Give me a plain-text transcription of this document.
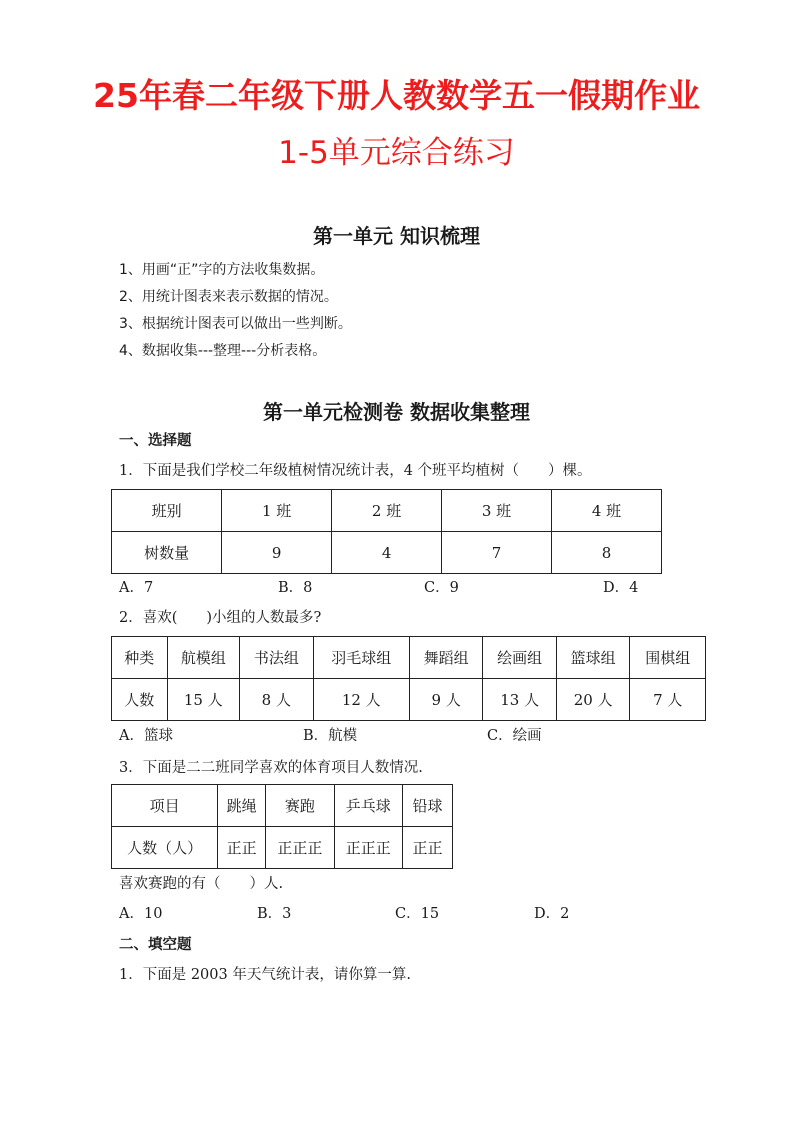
25年春二年级下册人教数学五一假期作业
1-5单元综合练习
第一单元 知识梳理
1、用画“正”字的方法收集数据。
2、用统计图表来表示数据的情况。
3、根据统计图表可以做出一些判断。
4、数据收集---整理---分析表格。
第一单元检测卷 数据收集整理
一、选择题
1．下面是我们学校二年级植树情况统计表，4 个班平均植树（　　）棵。
班别	1 班	2 班	3 班	4 班
树数量	9	4	7	8
A．7	B．8	C．9	D．4
2．喜欢(　　)小组的人数最多?
种类	航模组	书法组	羽毛球组	舞蹈组	绘画组	篮球组	围棋组
人数	15 人	8 人	12 人	9 人	13 人	20 人	7 人
A．篮球	B．航模	C．绘画
3．下面是二二班同学喜欢的体育项目人数情况.
项目	跳绳	赛跑	乒乓球	铅球
人数（人）	正正	正正正	正正正	正正
喜欢赛跑的有（　　）人.
A．10	B．3	C．15	D．2
二、填空题
1．下面是 2003 年天气统计表，请你算一算.
